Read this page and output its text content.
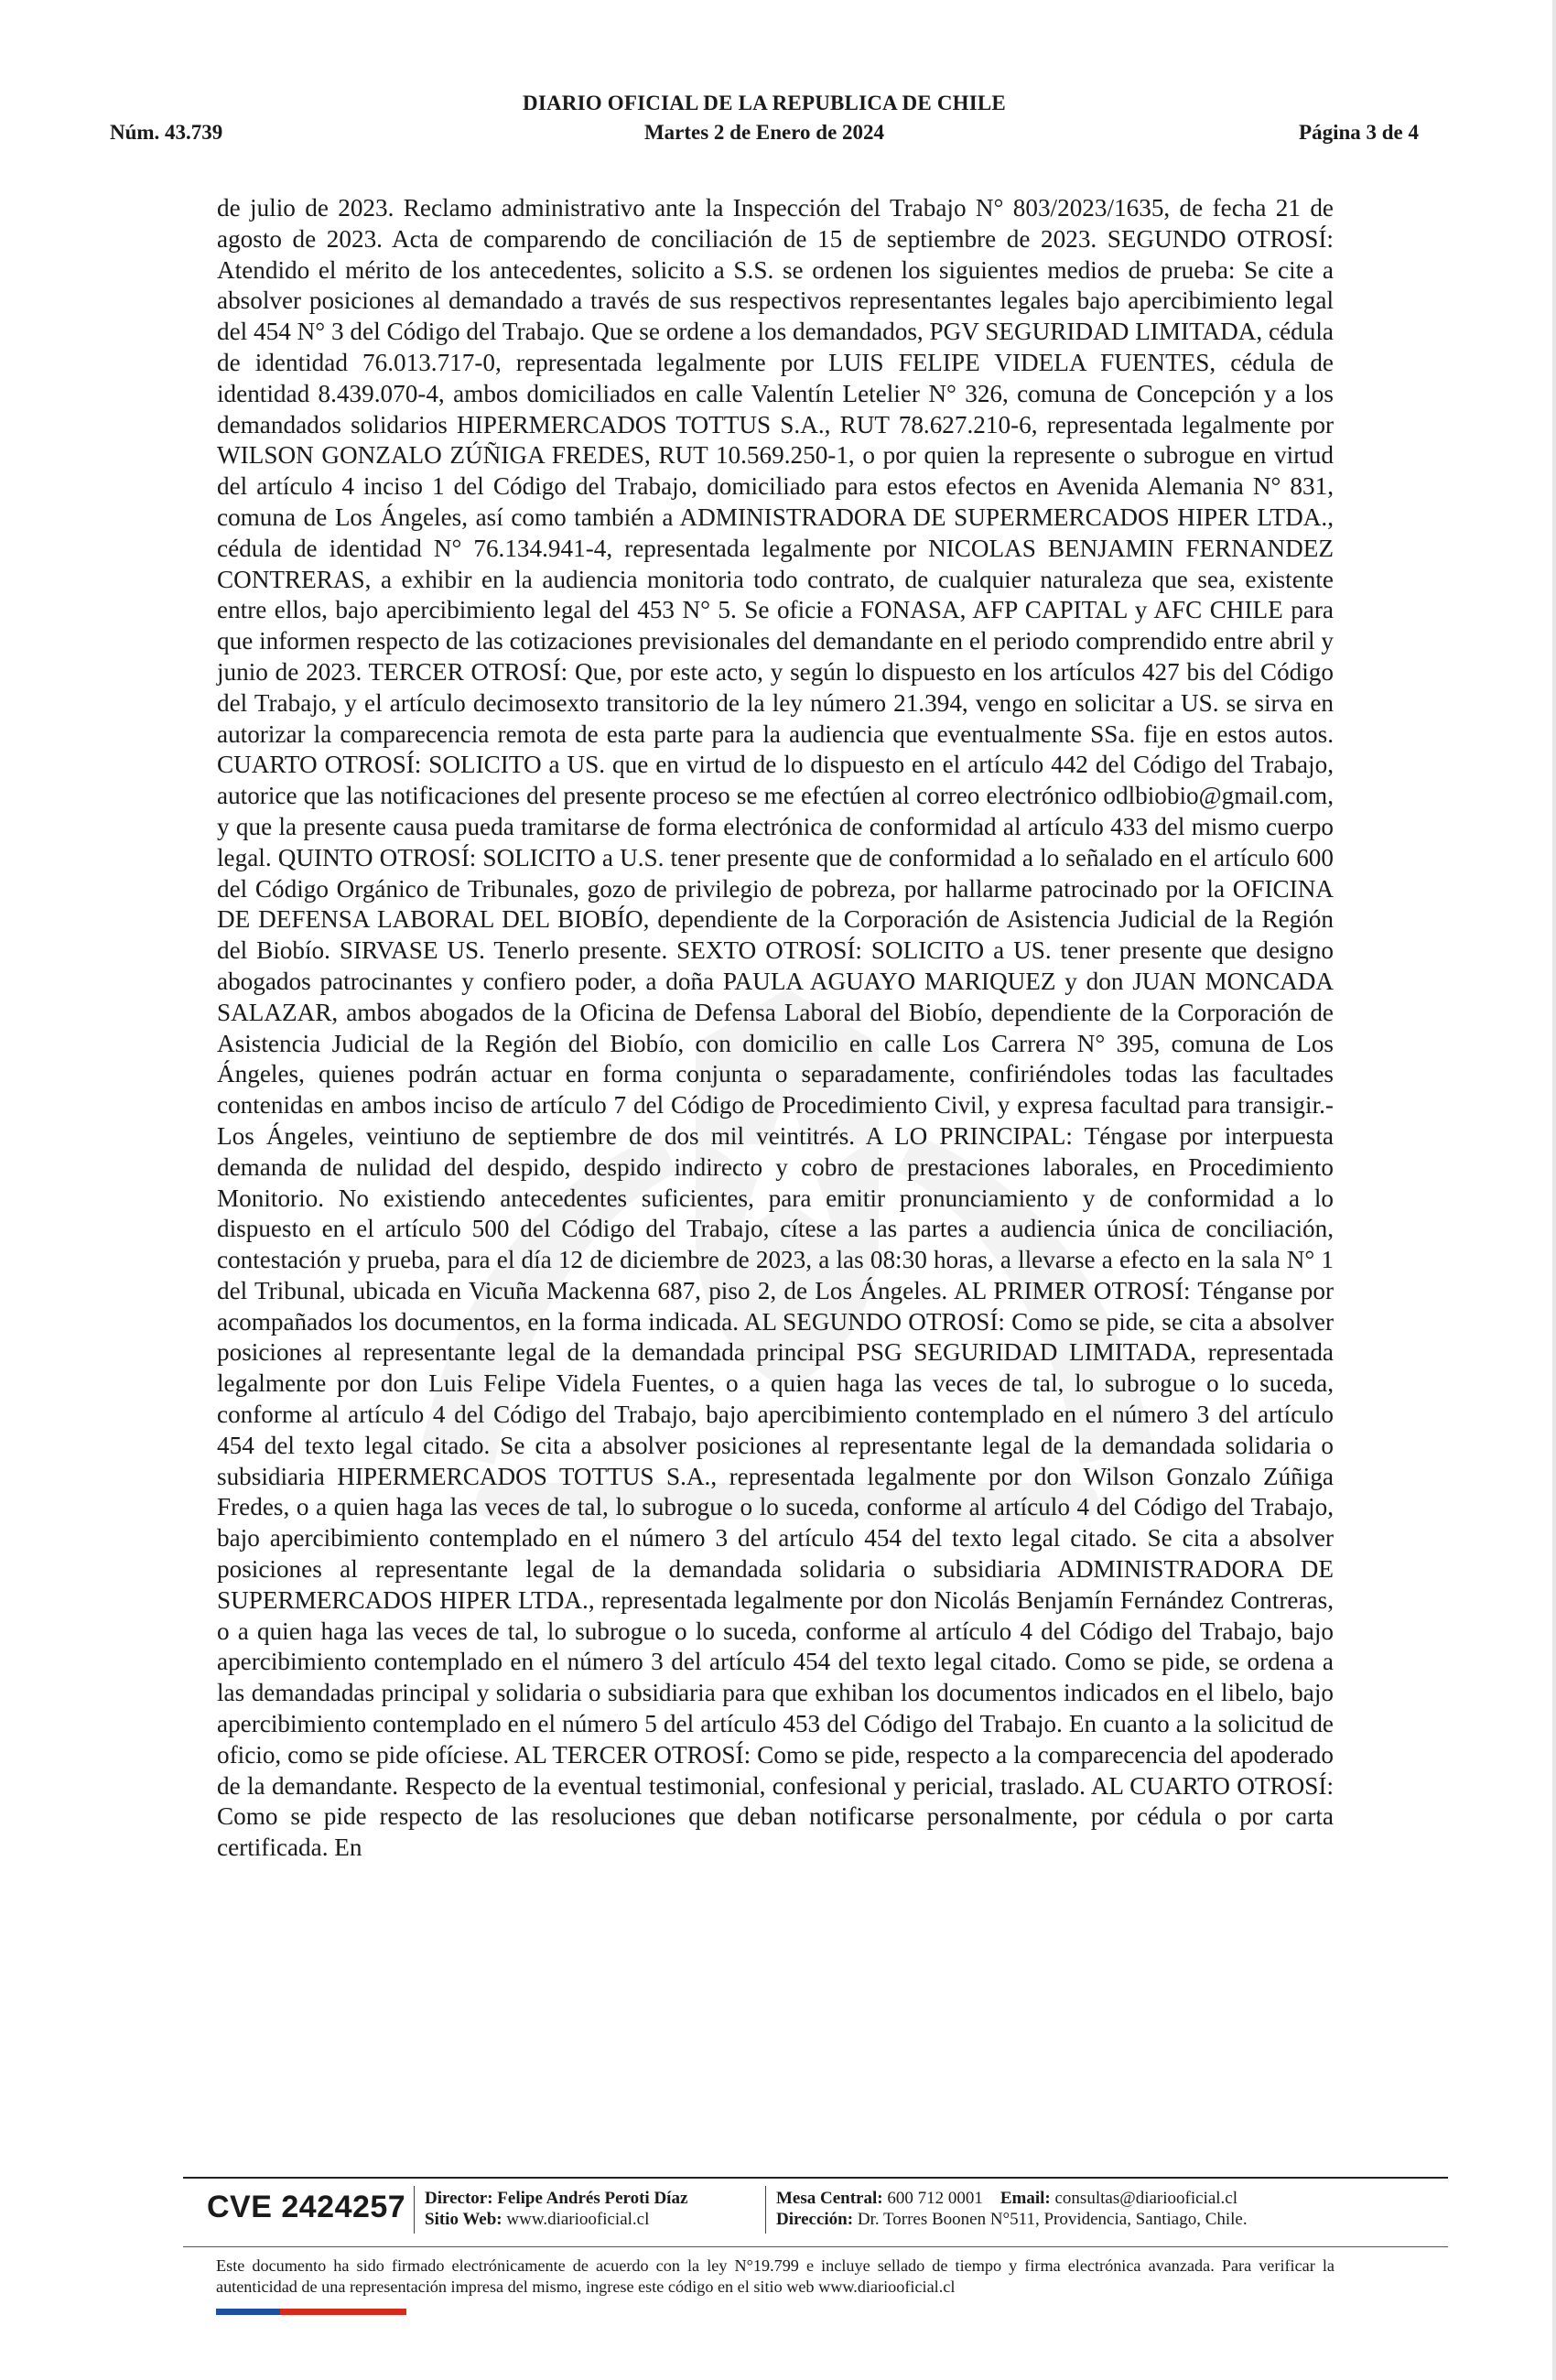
DIARIO OFICIAL DE LA REPUBLICA DE CHILE
Núm. 43.739	Martes 2 de Enero de 2024	Página 3 de 4

de julio de 2023. Reclamo administrativo ante la Inspección del Trabajo N° 803/2023/1635, de fecha 21 de agosto de 2023. Acta de comparendo de conciliación de 15 de septiembre de 2023. SEGUNDO OTROSÍ: Atendido el mérito de los antecedentes, solicito a S.S. se ordenen los siguientes medios de prueba: Se cite a absolver posiciones al demandado a través de sus respectivos representantes legales bajo apercibimiento legal del 454 N° 3 del Código del Trabajo. Que se ordene a los demandados, PGV SEGURIDAD LIMITADA, cédula de identidad 76.013.717-0, representada legalmente por LUIS FELIPE VIDELA FUENTES, cédula de identidad 8.439.070-4, ambos domiciliados en calle Valentín Letelier N° 326, comuna de Concepción y a los demandados solidarios HIPERMERCADOS TOTTUS S.A., RUT 78.627.210-6, representada legalmente por WILSON GONZALO ZÚÑIGA FREDES, RUT 10.569.250-1, o por quien la represente o subrogue en virtud del artículo 4 inciso 1 del Código del Trabajo, domiciliado para estos efectos en Avenida Alemania N° 831, comuna de Los Ángeles, así como también a ADMINISTRADORA DE SUPERMERCADOS HIPER LTDA., cédula de identidad N° 76.134.941-4, representada legalmente por NICOLAS BENJAMIN FERNANDEZ CONTRERAS, a exhibir en la audiencia monitoria todo contrato, de cualquier naturaleza que sea, existente entre ellos, bajo apercibimiento legal del 453 N° 5. Se oficie a FONASA, AFP CAPITAL y AFC CHILE para que informen respecto de las cotizaciones previsionales del demandante en el periodo comprendido entre abril y junio de 2023. TERCER OTROSÍ: Que, por este acto, y según lo dispuesto en los artículos 427 bis del Código del Trabajo, y el artículo decimosexto transitorio de la ley número 21.394, vengo en solicitar a US. se sirva en autorizar la comparecencia remota de esta parte para la audiencia que eventualmente SSa. fije en estos autos. CUARTO OTROSÍ: SOLICITO a US. que en virtud de lo dispuesto en el artículo 442 del Código del Trabajo, autorice que las notificaciones del presente proceso se me efectúen al correo electrónico odlbiobio@gmail.com, y que la presente causa pueda tramitarse de forma electrónica de conformidad al artículo 433 del mismo cuerpo legal. QUINTO OTROSÍ: SOLICITO a U.S. tener presente que de conformidad a lo señalado en el artículo 600 del Código Orgánico de Tribunales, gozo de privilegio de pobreza, por hallarme patrocinado por la OFICINA DE DEFENSA LABORAL DEL BIOBÍO, dependiente de la Corporación de Asistencia Judicial de la Región del Biobío. SIRVASE US. Tenerlo presente. SEXTO OTROSÍ: SOLICITO a US. tener presente que designo abogados patrocinantes y confiero poder, a doña PAULA AGUAYO MARIQUEZ y don JUAN MONCADA SALAZAR, ambos abogados de la Oficina de Defensa Laboral del Biobío, dependiente de la Corporación de Asistencia Judicial de la Región del Biobío, con domicilio en calle Los Carrera N° 395, comuna de Los Ángeles, quienes podrán actuar en forma conjunta o separadamente, confiriéndoles todas las facultades contenidas en ambos inciso de artículo 7 del Código de Procedimiento Civil, y expresa facultad para transigir.- Los Ángeles, veintiuno de septiembre de dos mil veintitrés. A LO PRINCIPAL: Téngase por interpuesta demanda de nulidad del despido, despido indirecto y cobro de prestaciones laborales, en Procedimiento Monitorio. No existiendo antecedentes suficientes, para emitir pronunciamiento y de conformidad a lo dispuesto en el artículo 500 del Código del Trabajo, cítese a las partes a audiencia única de conciliación, contestación y prueba, para el día 12 de diciembre de 2023, a las 08:30 horas, a llevarse a efecto en la sala N° 1 del Tribunal, ubicada en Vicuña Mackenna 687, piso 2, de Los Ángeles. AL PRIMER OTROSÍ: Ténganse por acompañados los documentos, en la forma indicada. AL SEGUNDO OTROSÍ: Como se pide, se cita a absolver posiciones al representante legal de la demandada principal PSG SEGURIDAD LIMITADA, representada legalmente por don Luis Felipe Videla Fuentes, o a quien haga las veces de tal, lo subrogue o lo suceda, conforme al artículo 4 del Código del Trabajo, bajo apercibimiento contemplado en el número 3 del artículo 454 del texto legal citado. Se cita a absolver posiciones al representante legal de la demandada solidaria o subsidiaria HIPERMERCADOS TOTTUS S.A., representada legalmente por don Wilson Gonzalo Zúñiga Fredes, o a quien haga las veces de tal, lo subrogue o lo suceda, conforme al artículo 4 del Código del Trabajo, bajo apercibimiento contemplado en el número 3 del artículo 454 del texto legal citado. Se cita a absolver posiciones al representante legal de la demandada solidaria o subsidiaria ADMINISTRADORA DE SUPERMERCADOS HIPER LTDA., representada legalmente por don Nicolás Benjamín Fernández Contreras, o a quien haga las veces de tal, lo subrogue o lo suceda, conforme al artículo 4 del Código del Trabajo, bajo apercibimiento contemplado en el número 3 del artículo 454 del texto legal citado. Como se pide, se ordena a las demandadas principal y solidaria o subsidiaria para que exhiban los documentos indicados en el libelo, bajo apercibimiento contemplado en el número 5 del artículo 453 del Código del Trabajo. En cuanto a la solicitud de oficio, como se pide ofíciese. AL TERCER OTROSÍ: Como se pide, respecto a la comparecencia del apoderado de la demandante. Respecto de la eventual testimonial, confesional y pericial, traslado. AL CUARTO OTROSÍ: Como se pide respecto de las resoluciones que deban notificarse personalmente, por cédula o por carta certificada. En

CVE 2424257 Director: Felipe Andrés Peroti Díaz
Sitio Web: www.diariooficial.cl
Mesa Central: 600 712 0001 Email: consultas@diariooficial.cl
Dirección: Dr. Torres Boonen N°511, Providencia, Santiago, Chile.

Este documento ha sido firmado electrónicamente de acuerdo con la ley N°19.799 e incluye sellado de tiempo y firma electrónica avanzada. Para verificar la autenticidad de una representación impresa del mismo, ingrese este código en el sitio web www.diariooficial.cl
